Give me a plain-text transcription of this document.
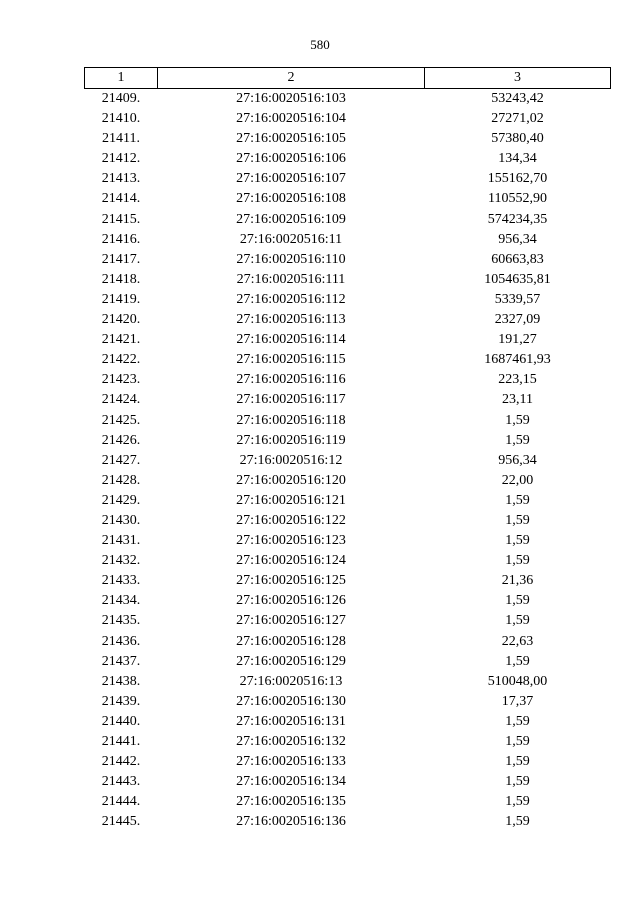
580
1	2	3
21409.	27:16:0020516:103	53243,42
21410.	27:16:0020516:104	27271,02
21411.	27:16:0020516:105	57380,40
21412.	27:16:0020516:106	134,34
21413.	27:16:0020516:107	155162,70
21414.	27:16:0020516:108	110552,90
21415.	27:16:0020516:109	574234,35
21416.	27:16:0020516:11	956,34
21417.	27:16:0020516:110	60663,83
21418.	27:16:0020516:111	1054635,81
21419.	27:16:0020516:112	5339,57
21420.	27:16:0020516:113	2327,09
21421.	27:16:0020516:114	191,27
21422.	27:16:0020516:115	1687461,93
21423.	27:16:0020516:116	223,15
21424.	27:16:0020516:117	23,11
21425.	27:16:0020516:118	1,59
21426.	27:16:0020516:119	1,59
21427.	27:16:0020516:12	956,34
21428.	27:16:0020516:120	22,00
21429.	27:16:0020516:121	1,59
21430.	27:16:0020516:122	1,59
21431.	27:16:0020516:123	1,59
21432.	27:16:0020516:124	1,59
21433.	27:16:0020516:125	21,36
21434.	27:16:0020516:126	1,59
21435.	27:16:0020516:127	1,59
21436.	27:16:0020516:128	22,63
21437.	27:16:0020516:129	1,59
21438.	27:16:0020516:13	510048,00
21439.	27:16:0020516:130	17,37
21440.	27:16:0020516:131	1,59
21441.	27:16:0020516:132	1,59
21442.	27:16:0020516:133	1,59
21443.	27:16:0020516:134	1,59
21444.	27:16:0020516:135	1,59
21445.	27:16:0020516:136	1,59
